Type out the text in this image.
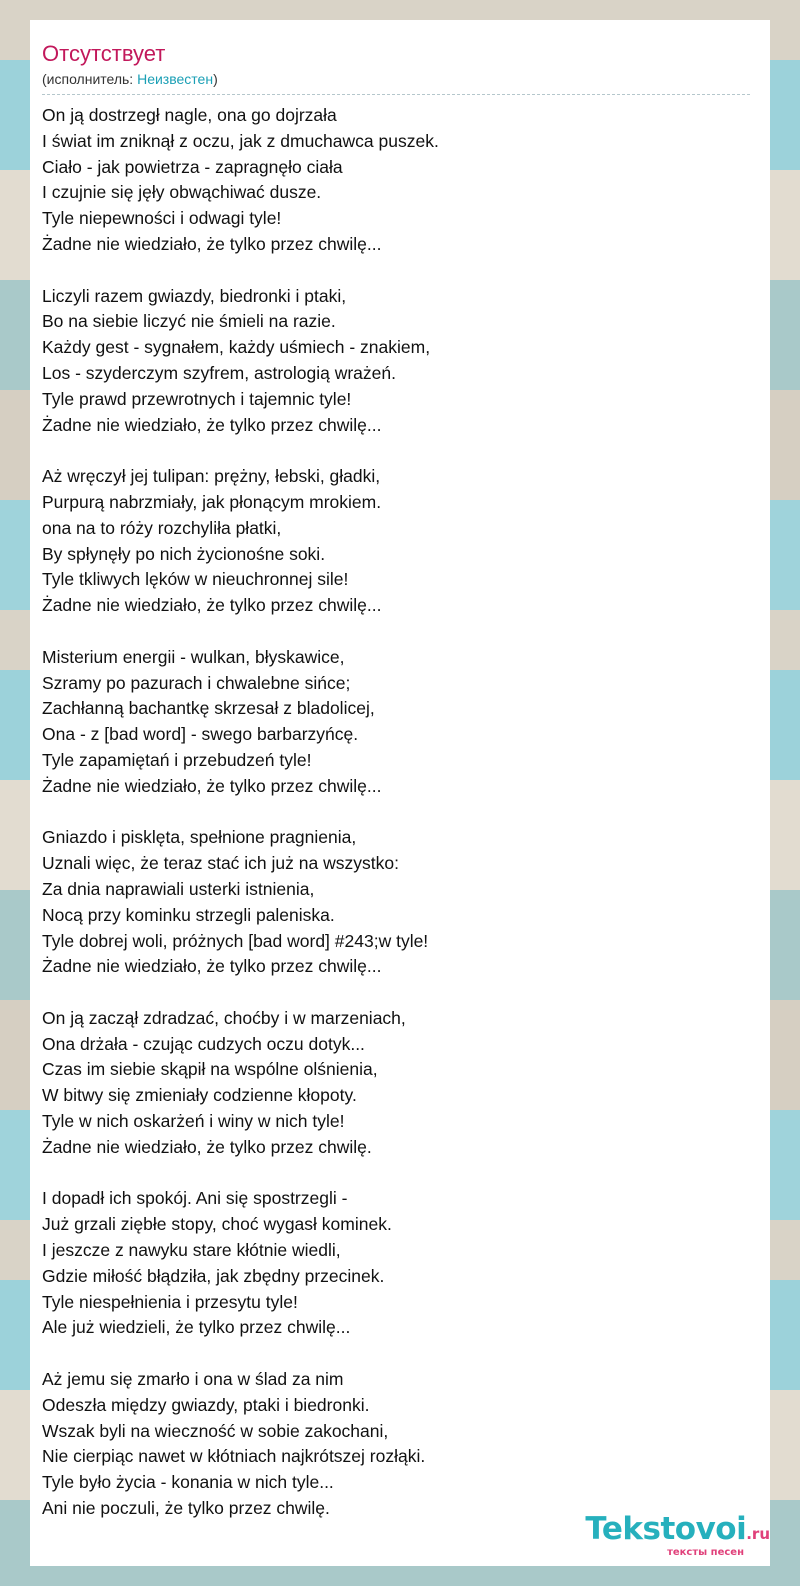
Отсутствует
(исполнитель: Неизвестен)
On ją dostrzegł nagle, ona go dojrzała
I świat im zniknął z oczu, jak z dmuchawca puszek.
Ciało - jak powietrza - zapragnęło ciała
I czujnie się jęły obwąchiwać dusze.
Tyle niepewności i odwagi tyle!
Żadne nie wiedziało, że tylko przez chwilę...
Liczyli razem gwiazdy, biedronki i ptaki,
Bo na siebie liczyć nie śmieli na razie.
Każdy gest - sygnałem, każdy uśmiech - znakiem,
Los - szyderczym szyfrem, astrologią wrażeń.
Tyle prawd przewrotnych i tajemnic tyle!
Żadne nie wiedziało, że tylko przez chwilę...
Aż wręczył jej tulipan: prężny, łebski, gładki,
Purpurą nabrzmiały, jak płonącym mrokiem.
ona na to róży rozchyliła płatki,
By spłynęły po nich życionośne soki.
Tyle tkliwych lęków w nieuchronnej sile!
Żadne nie wiedziało, że tylko przez chwilę...
Misterium energii - wulkan, błyskawice,
Szramy po pazurach i chwalebne sińce;
Zachłanną bachantkę skrzesał z bladolicej,
Ona - z [bad word] - swego barbarzyńcę.
Tyle zapamiętań i przebudzeń tyle!
Żadne nie wiedziało, że tylko przez chwilę...
Gniazdo i pisklęta, spełnione pragnienia,
Uznali więc, że teraz stać ich już na wszystko:
Za dnia naprawiali usterki istnienia,
Nocą przy kominku strzegli paleniska.
Tyle dobrej woli, próżnych [bad word] #243;w tyle!
Żadne nie wiedziało, że tylko przez chwilę...
On ją zaczął zdradzać, choćby i w marzeniach,
Ona drżała - czując cudzych oczu dotyk...
Czas im siebie skąpił na wspólne olśnienia,
W bitwy się zmieniały codzienne kłopoty.
Tyle w nich oskarżeń i winy w nich tyle!
Żadne nie wiedziało, że tylko przez chwilę.
I dopadł ich spokój. Ani się spostrzegli -
Już grzali ziębłe stopy, choć wygasł kominek.
I jeszcze z nawyku stare kłótnie wiedli,
Gdzie miłość błądziła, jak zbędny przecinek.
Tyle niespełnienia i przesytu tyle!
Ale już wiedzieli, że tylko przez chwilę...
Aż jemu się zmarło i ona w ślad za nim
Odeszła między gwiazdy, ptaki i biedronki.
Wszak byli na wieczność w sobie zakochani,
Nie cierpiąc nawet w kłótniach najkrótszej rozłąki.
Tyle było życia - konania w nich tyle...
Ani nie poczuli, że tylko przez chwilę.
Tekstovoi.ru
тексты песен
